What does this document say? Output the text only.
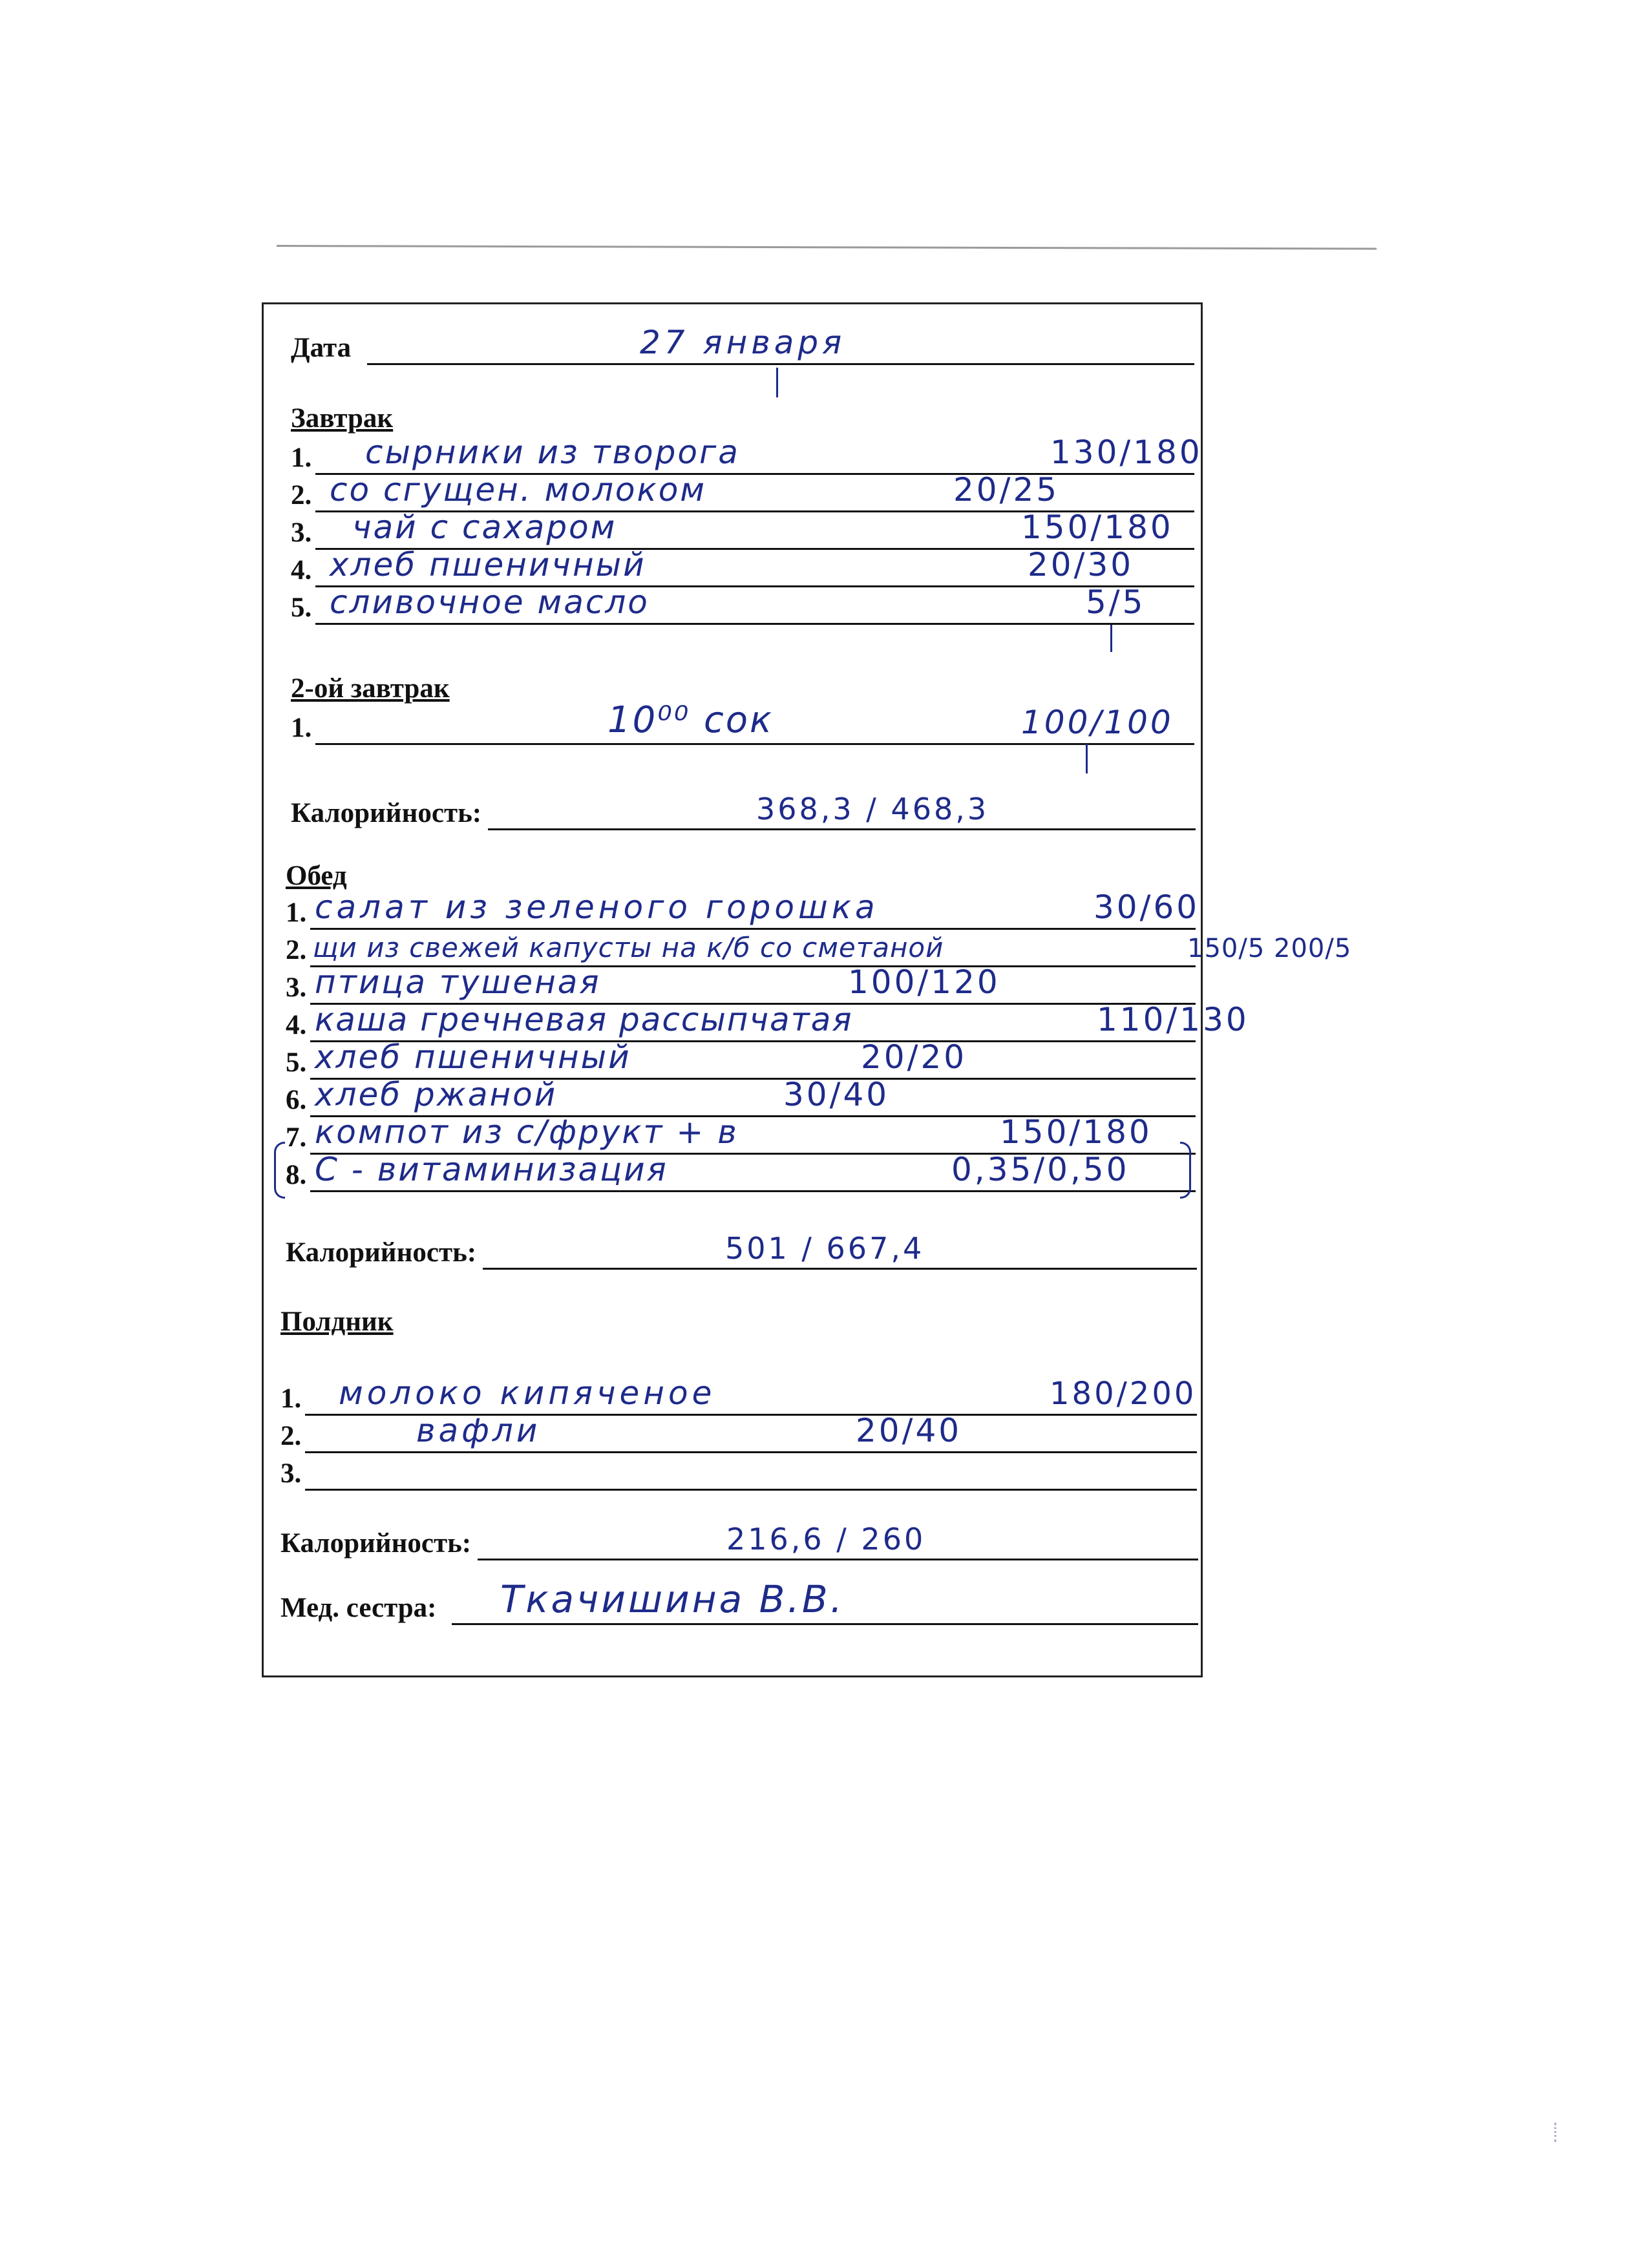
Дата	27 января
Завтрак
1. сырники из творога	130/180
2. со сгущен. молоком	20/25
3. чай с сахаром	150/180
4. хлеб пшеничный	20/30
5. сливочное масло	5/5
2-ой завтрак
1.	10⁰⁰ сок	100/100
Калорийность:	368,3 / 468,3
Обед
1. салат из зеленого горошка	30/60
2. щи из свежей капусты на к/б со сметаной	150/5 200/5
3. птица тушеная	100/120
4. каша гречневая рассыпчатая	110/130
5. хлеб пшеничный	20/20
6. хлеб ржаной	30/40
7. компот из с/фрукт + в	150/180
8. С - витаминизация	0,35/0,50
Калорийность:	501 / 667,4
Полдник
1. молоко кипяченое	180/200
2.	вафли	20/40
3.
Калорийность:	216,6 / 260
Мед. сестра: Ткачишина В.В.
